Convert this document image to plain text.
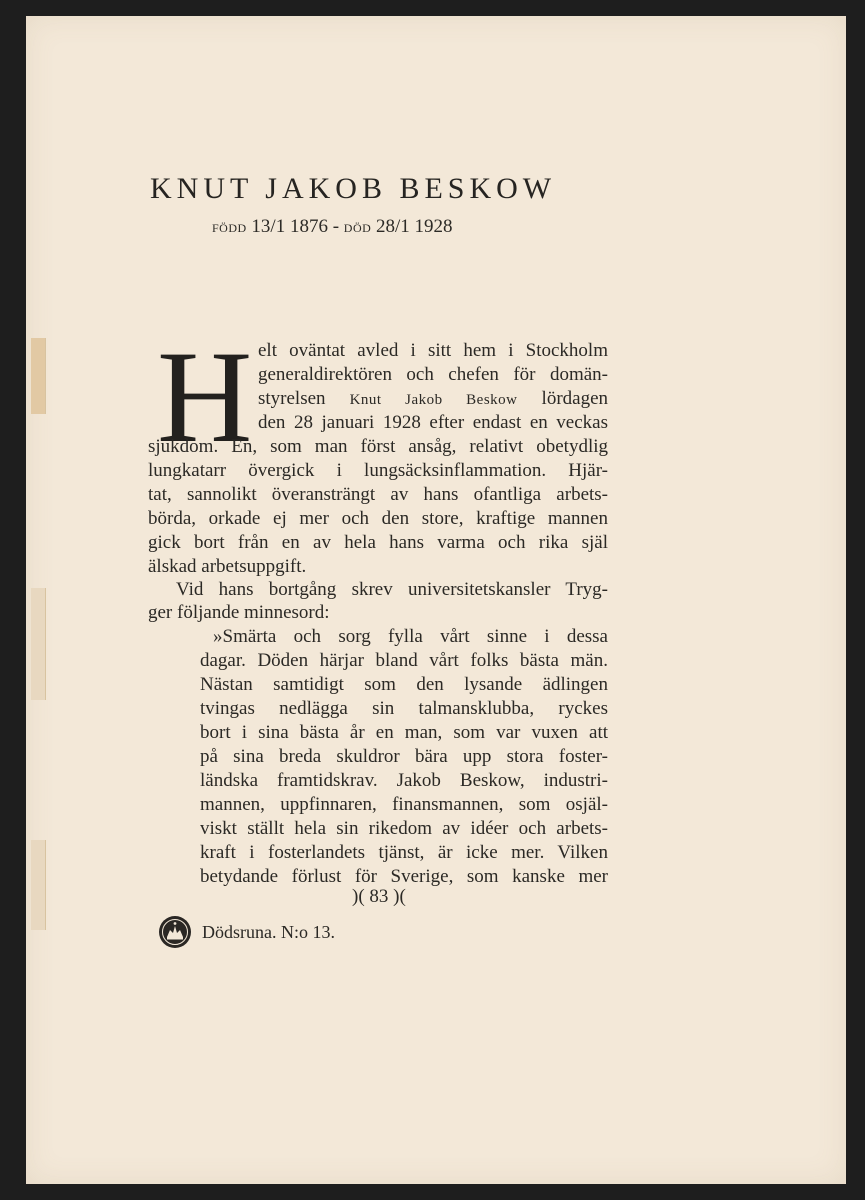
KNUT JAKOB BESKOW
FÖDD 13/1 1876 - DÖD 28/1 1928
H elt oväntat avled i sitt hem i Stockholm
generaldirektören och chefen för domän-
styrelsen Knut Jakob Beskow lördagen
den 28 januari 1928 efter endast en veckas
sjukdom. En, som man först ansåg, relativt obetydlig
lungkatarr övergick i lungsäcksinflammation. Hjär-
tat, sannolikt överansträngt av hans ofantliga arbets-
börda, orkade ej mer och den store, kraftige mannen
gick bort från en av hela hans varma och rika själ
älskad arbetsuppgift.
Vid hans bortgång skrev universitetskansler Tryg-
ger följande minnesord:
»Smärta och sorg fylla vårt sinne i dessa
dagar. Döden härjar bland vårt folks bästa män.
Nästan samtidigt som den lysande ädlingen
tvingas nedlägga sin talmansklubba, ryckes
bort i sina bästa år en man, som var vuxen att
på sina breda skuldror bära upp stora foster-
ländska framtidskrav. Jakob Beskow, industri-
mannen, uppfinnaren, finansmannen, som osjäl-
viskt ställt hela sin rikedom av idéer och arbets-
kraft i fosterlandets tjänst, är icke mer. Vilken
betydande förlust för Sverige, som kanske mer
)( 83 )(
Dödsruna. N:o 13.
